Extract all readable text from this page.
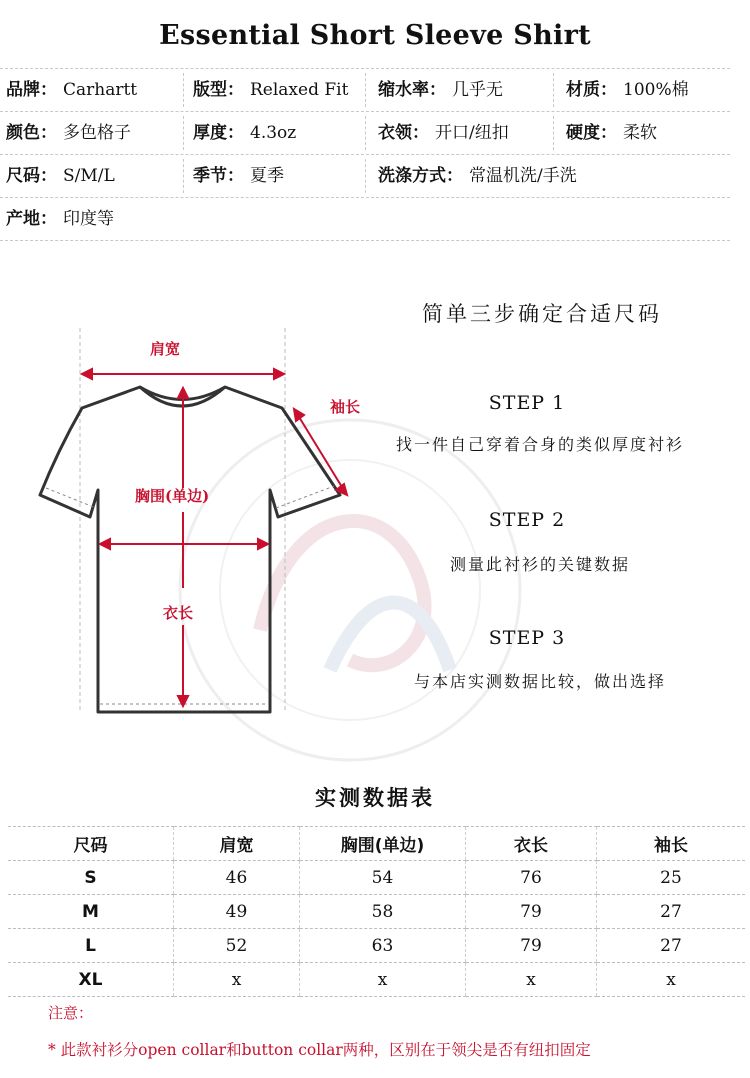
Essential Short Sleeve Shirt
品牌： Carhartt	版型： Relaxed Fit 缩水率： 几乎无	材质： 100%棉
颜色： 多色格子	厚度： 4.3oz	衣领： 开口/纽扣	硬度： 柔软
尺码： S/M/L	季节： 夏季	洗涤方式： 常温机洗/手洗
产地： 印度等
肩宽
袖长
胸围(单边)
衣长
简单三步确定合适尺码
STEP 1
找一件自己穿着合身的类似厚度衬衫
STEP 2
测量此衬衫的关键数据
STEP 3
与本店实测数据比较，做出选择
实测数据表
尺码	肩宽	胸围(单边)	衣长	袖长
S	46	54	76	25
M	49	58	79	27
L	52	63	79	27
XL	x	x	x	x
注意：
* 此款衬衫分open collar和button collar两种，区别在于领尖是否有纽扣固定
